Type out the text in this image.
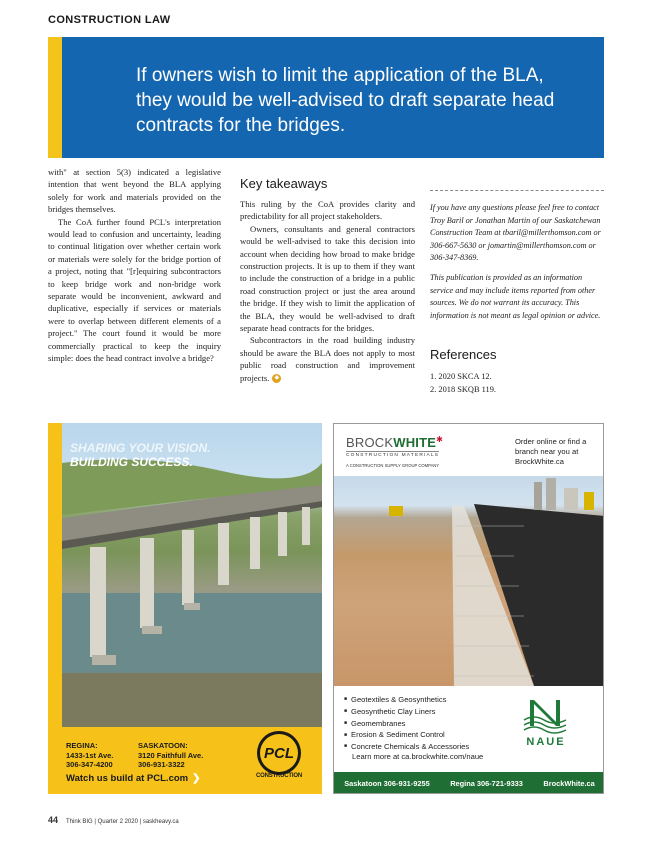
CONSTRUCTION LAW
If owners wish to limit the application of the BLA, they would be well-advised to draft separate head contracts for the bridges.

with" at section 5(3) indicated a legislative intention that went beyond the BLA applying solely for work and materials provided on the bridges themselves.

The CoA further found PCL's interpretation would lead to confusion and uncertainty, leading to continual litigation over whether certain work or materials were solely for the bridge portion of a project, noting that "[r]equiring subcontractors to keep bridge work and non-bridge work separate would be inconvenient, awkward and duplicative, especially if services or materials were to overlap between different elements of a project." The court found it would be more commercially practical to keep the inquiry simple: does the head contract involve a bridge?

Key takeaways

This ruling by the CoA provides clarity and predictability for all project stakeholders.

Owners, consultants and general contractors would be well-advised to take this decision into account when deciding how broad to make bridge construction projects. It is up to them if they want to include the construction of a bridge in a public road construction project or just the area around the bridge. If they wish to limit the application of the BLA, they would be well-advised to draft separate head contracts for the bridges.

Subcontractors in the road building industry should be aware the BLA does not apply to most public road construction and improvement projects. ◆

If you have any questions please feel free to contact Troy Baril or Jonathan Martin of our Saskatchewan Construction Team at tbaril@millerthomson.com or 306-667-5630 or jomartin@millerthomson.com or 306-347-8369.

This publication is provided as an information service and may include items reported from other sources. We do not warrant its accuracy. This information is not meant as legal opinion or advice.

References
1. 2020 SKCA 12.
2. 2018 SKQB 119.
SHARING YOUR VISION.
BUILDING SUCCESS.
REGINA:
1433-1st Ave.
306-347-4200
SASKATOON:
3120 Faithfull Ave.
306-931-3322
Watch us build at PCL.com ❯
PCL
CONSTRUCTION
BROCKWHITE✱
CONSTRUCTION MATERIALS
A CONSTRUCTION SUPPLY GROUP COMPANY
Order online or find a branch near you at BrockWhite.ca
■ Geotextiles & Geosynthetics
■ Geosynthetic Clay Liners
■ Geomembranes
■ Erosion & Sediment Control
■ Concrete Chemicals & Accessories
Learn more at ca.brockwhite.com/naue
NAUE
Saskatoon 306-931-9255	Regina 306-721-9333	BrockWhite.ca
44 Think BIG | Quarter 2 2020 | saskheavy.ca
